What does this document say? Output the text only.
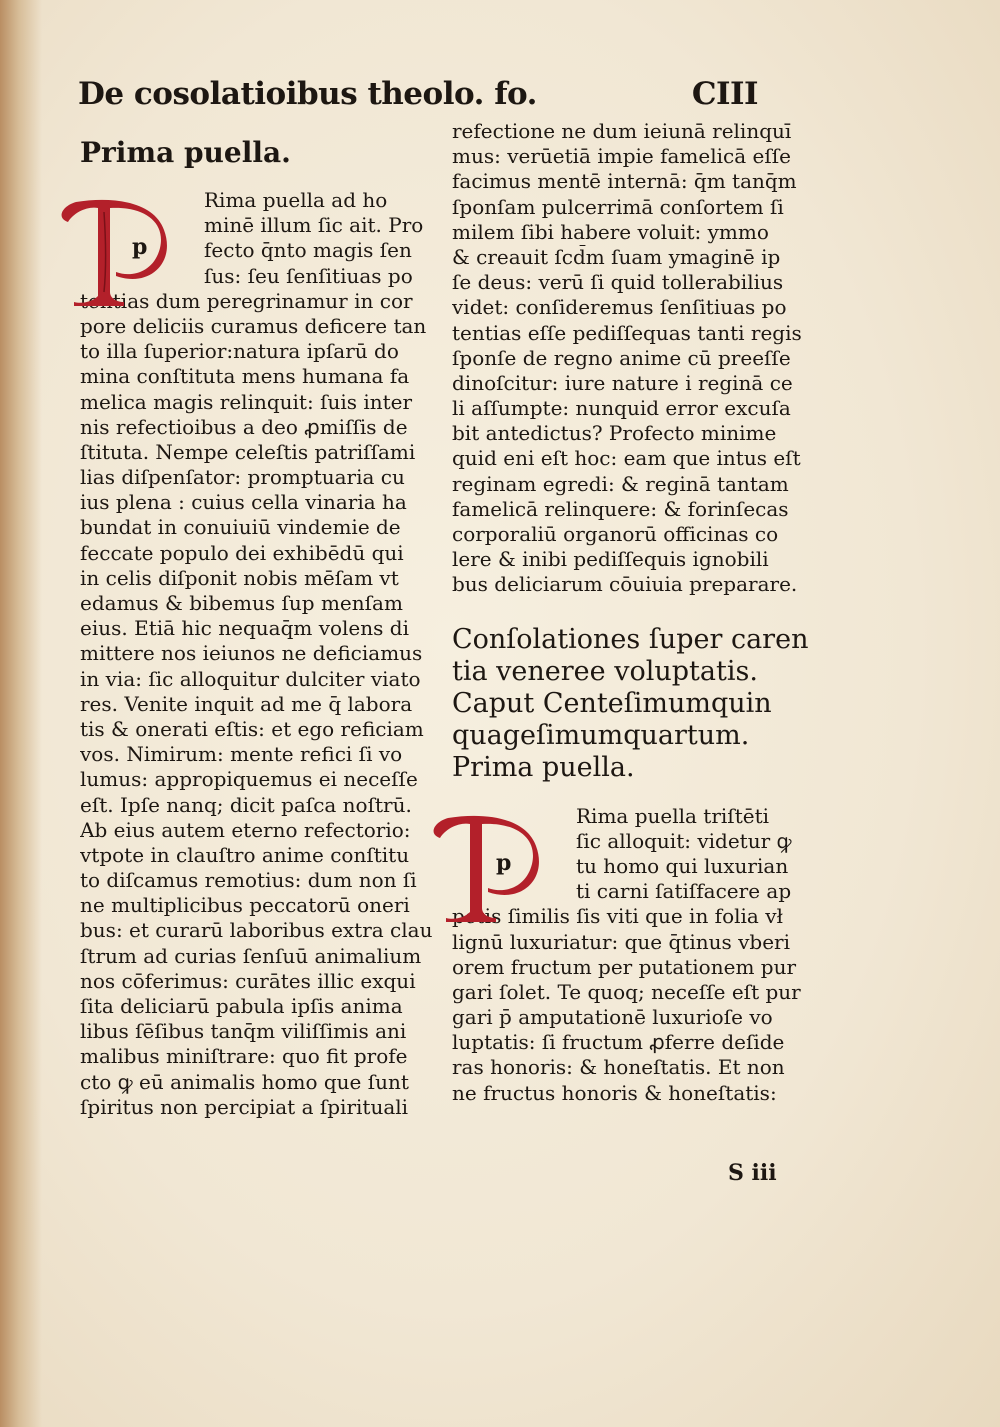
De cosolatioibus theolo. fo.	CIII
Prima puella.
p
Rima puella ad ho
minē illum ſic ait. Pro
fecto q̄nto magis ſen
ſus: ſeu ſenſitiuas po
tentias dum peregrinamur in cor
pore deliciis curamus deficere tan
to illa ſuperior:natura ipſarū do
mina conſtituta mens humana fa
melica magis relinquit: ſuis inter
nis refectioibus a deo ꝓmiſſis de
ſtituta. Nempe celeſtis patriſſami
lias diſpenſator: promptuaria cu
ius plena : cuius cella vinaria ha
bundat in conuiuiū vindemie de
feccate populo dei exhibēdū qui
in celis diſponit nobis mēſam vt
edamus & bibemus ſup menſam
eius. Etiā hic nequaq̄m volens di
mittere nos ieiunos ne deficiamus
in via: ſic alloquitur dulciter viato
res. Venite inquit ad me q̄ labora
tis & onerati eſtis: et ego reficiam
vos. Nimirum: mente refici ſi vo
lumus: appropiquemus ei neceſſe
eſt. Ipſe nanq; dicit paſca noſtrū.
Ab eius autem eterno refectorio:
vtpote in clauſtro anime conſtitu
to diſcamus remotius: dum non ſi
ne multiplicibus peccatorū oneri
bus: et curarū laboribus extra clau
ſtrum ad curias ſenſuū animalium
nos cōferimus: curātes illic exqui
ſita deliciarū pabula ipſis anima
libus ſēſibus tanq̄m viliſſimis ani
malibus miniſtrare: quo fit profe
cto ꝙ eū animalis homo que ſunt
ſpiritus non percipiat a ſpirituali
refectione ne dum ieiunā relinquī
mus: verūetiā impie famelicā eſſe
facimus mentē internā: q̄m tanq̄m
ſponſam pulcerrimā conſortem ſi
milem ſibi habere voluit: ymmo
& creauit ſcd̄m ſuam ymaginē ip
ſe deus: verū ſi quid tollerabilius
videt: conſideremus ſenſitiuas po
tentias eſſe pediſſequas tanti regis
ſponſe de regno anime cū preeſſe
dinoſcitur: iure nature i reginā ce
li aſſumpte: nunquid error excuſa
bit antedictus? Profecto minime
quid eni eſt hoc: eam que intus eſt
reginam egredi: & reginā tantam
famelicā relinquere: & forinſecas
corporaliū organorū officinas co
lere & inibi pediſſequis ignobili
bus deliciarum cōuiuia preparare.
Conſolationes ſuper caren
tia veneree voluptatis.
Caput Centeſimumquin
quageſimumquartum.
Prima puella.
p
Rima puella triſtēti
ſic alloquit: videtur ꝙ
tu homo qui luxurian
ti carni ſatiſfacere ap
petis ſimilis ſis viti que in folia vł
lignū luxuriatur: que q̄tinus vberi
orem fructum per putationem pur
gari ſolet. Te quoq; neceſſe eſt pur
gari p̄ amputationē luxurioſe vo
luptatis: ſi fructum ꝓferre deſide
ras honoris: & honeſtatis. Et non
ne fructus honoris & honeſtatis:
S iii
